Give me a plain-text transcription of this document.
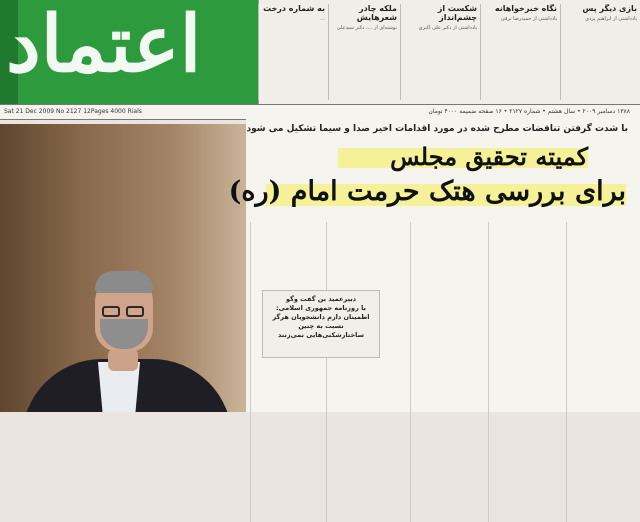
اعتماد	بازی دیگر پس
پادداشتی از ابراهیم یزدی
نگاه خبرخواهانه
یادداشتی از حمیدرضا ترقی
شکست از چشم‌انداز
یادداشتی از دکتر علی اکبری
ملکه چادر شعرهایش
نوشته‌ای از ...، دکتر سیدعلی
به شماره درخت
...
Sat 21 Dec 2009 No 2127 12Pages 4000 Rials	۱۳۸۸ دسامبر ۲۰۰۹ • سال هشتم • شماره ۲۱۲۷ • ۱۶ صفحه ضمیمه ۴۰۰۰ تومان
با شدت گرفتن تناقضات مطرح شده در مورد اقدامات اخیر صدا و سیما تشکیل می شود
کمیته تحقیق مجلس
برای بررسی هتک حرمت امام (ره)
دبیرعمید بن گفت وگو
با روزنامه جمهوری اسلامی:
اطمینان دارم دانشجویان هرگز
نسبت به چنین
ساختارشکنی‌هایی نمی‌زنند
